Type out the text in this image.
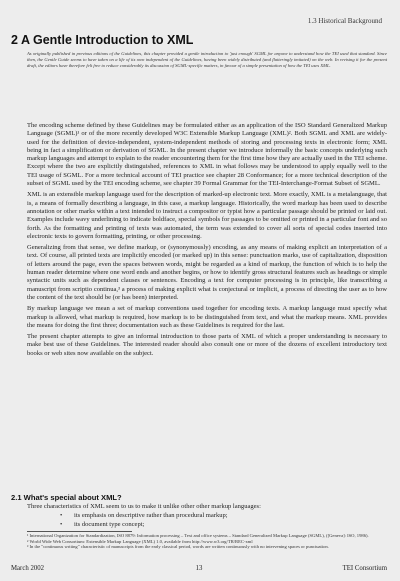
1.3 Historical Background
2 A Gentle Introduction to XML

As originally published in previous editions of the Guidelines, this chapter provided a gentle introduction to 'just enough' SGML for anyone to understand how the TEI used that standard. Since then, the Gentle Guide seems to have taken on a life of its own independent of the Guidelines, having been widely distributed (and flatteringly imitated) on the web. In revising it for the present draft, the editors have therefore felt free to reduce considerably its discussion of SGML-specific matters, in favour of a simple presentation of how the TEI uses XML.

The encoding scheme defined by these Guidelines may be formulated either as an application of the ISO Standard Generalized Markup Language (SGML)¹ or of the more recently developed W3C Extensible Markup Language (XML)². Both SGML and XML are widely-used for the definition of device-independent, system-independent methods of storing and processing texts in electronic form; XML being in fact a simplification or derivation of SGML. In the present chapter we introduce informally the basic concepts underlying such markup languages and attempt to explain to the reader encountering them for the first time how they are actually used in the TEI scheme. Except where the two are explicitly distinguished, references to XML in what follows may be understood to apply equally well to the TEI usage of SGML. For a more technical account of TEI practice see chapter 28 Conformance; for a more technical description of the subset of SGML used by the TEI encoding scheme, see chapter 39 Formal Grammar for the TEI-Interchange-Format Subset of SGML.

XML is an extensible markup language used for the description of marked-up electronic text. More exactly, XML is a metalanguage, that is, a means of formally describing a language, in this case, a markup language. Historically, the word markup has been used to describe annotation or other marks within a text intended to instruct a compositor or typist how a particular passage should be printed or laid out. Examples include wavy underlining to indicate boldface, special symbols for passages to be omitted or printed in a particular font and so forth. As the formatting and printing of texts was automated, the term was extended to cover all sorts of special codes inserted into electronic texts to govern formatting, printing, or other processing.

Generalizing from that sense, we define markup, or (synonymously) encoding, as any means of making explicit an interpretation of a text. Of course, all printed texts are implicitly encoded (or marked up) in this sense: punctuation marks, use of capitalization, disposition of letters around the page, even the spaces between words, might be regarded as a kind of markup, the function of which is to help the human reader determine where one word ends and another begins, or how to identify gross structural features such as headings or simple syntactic units such as dependent clauses or sentences. Encoding a text for computer processing is in principle, like transcribing a manuscript from scriptio continua,³ a process of making explicit what is conjectural or implicit, a process of directing the user as to how the content of the text should be (or has been) interpreted.

By markup language we mean a set of markup conventions used together for encoding texts. A markup language must specify what markup is allowed, what markup is required, how markup is to be distinguished from text, and what the markup means. XML provides the means for doing the first three; documentation such as these Guidelines is required for the last.

The present chapter attempts to give an informal introduction to those parts of XML of which a proper understanding is necessary to make best use of these Guidelines. The interested reader should also consult one or more of the dozens of excellent introductory text books or web sites now available on the subject.

2.1 What's special about XML?

Three characteristics of XML seem to us to make it unlike other other markup languages:

• its emphasis on descriptive rather than procedural markup;
• its document type concept;

¹ International Organization for Standardization, ISO 8879: Information processing – Text and office systems – Standard Generalized Markup Language (SGML), ([Geneva]: ISO, 1986).

² World Wide Web Consortium: Extensible Markup Language (XML) 1.0, available from http://www.w3.org/TR/REC-xml

³ In the "continuous writing" characteristic of manuscripts from the early classical period, words are written continuously with no intervening spaces or punctuation.

March 2002	13	TEI Consortium
